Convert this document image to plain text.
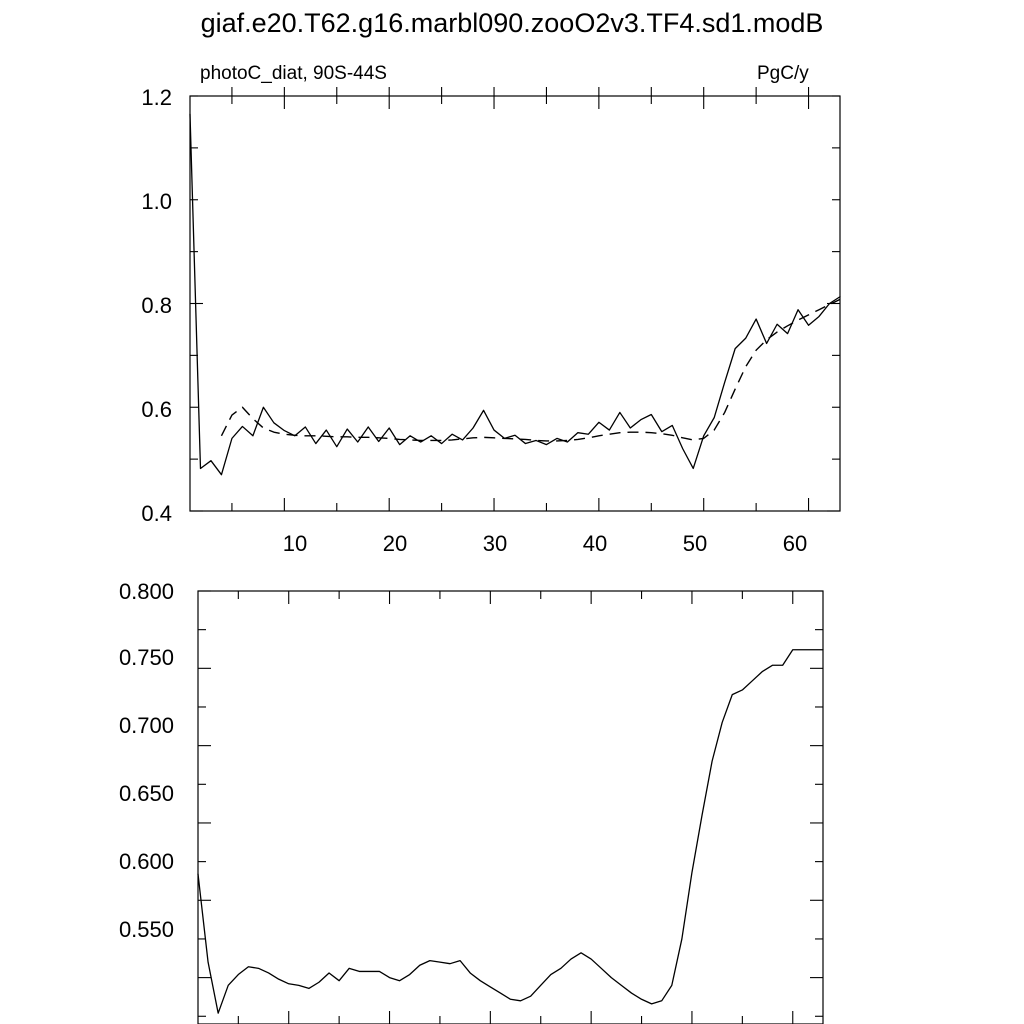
giaf.e20.T62.g16.marbl090.zooO2v3.TF4.sd1.modB
photoC_diat, 90S-44S	PgC/y
1.2
1.0
0.8
0.6
0.4
10	20	30	40	50	60
0.800
0.750
0.700
0.650
0.600
0.550
